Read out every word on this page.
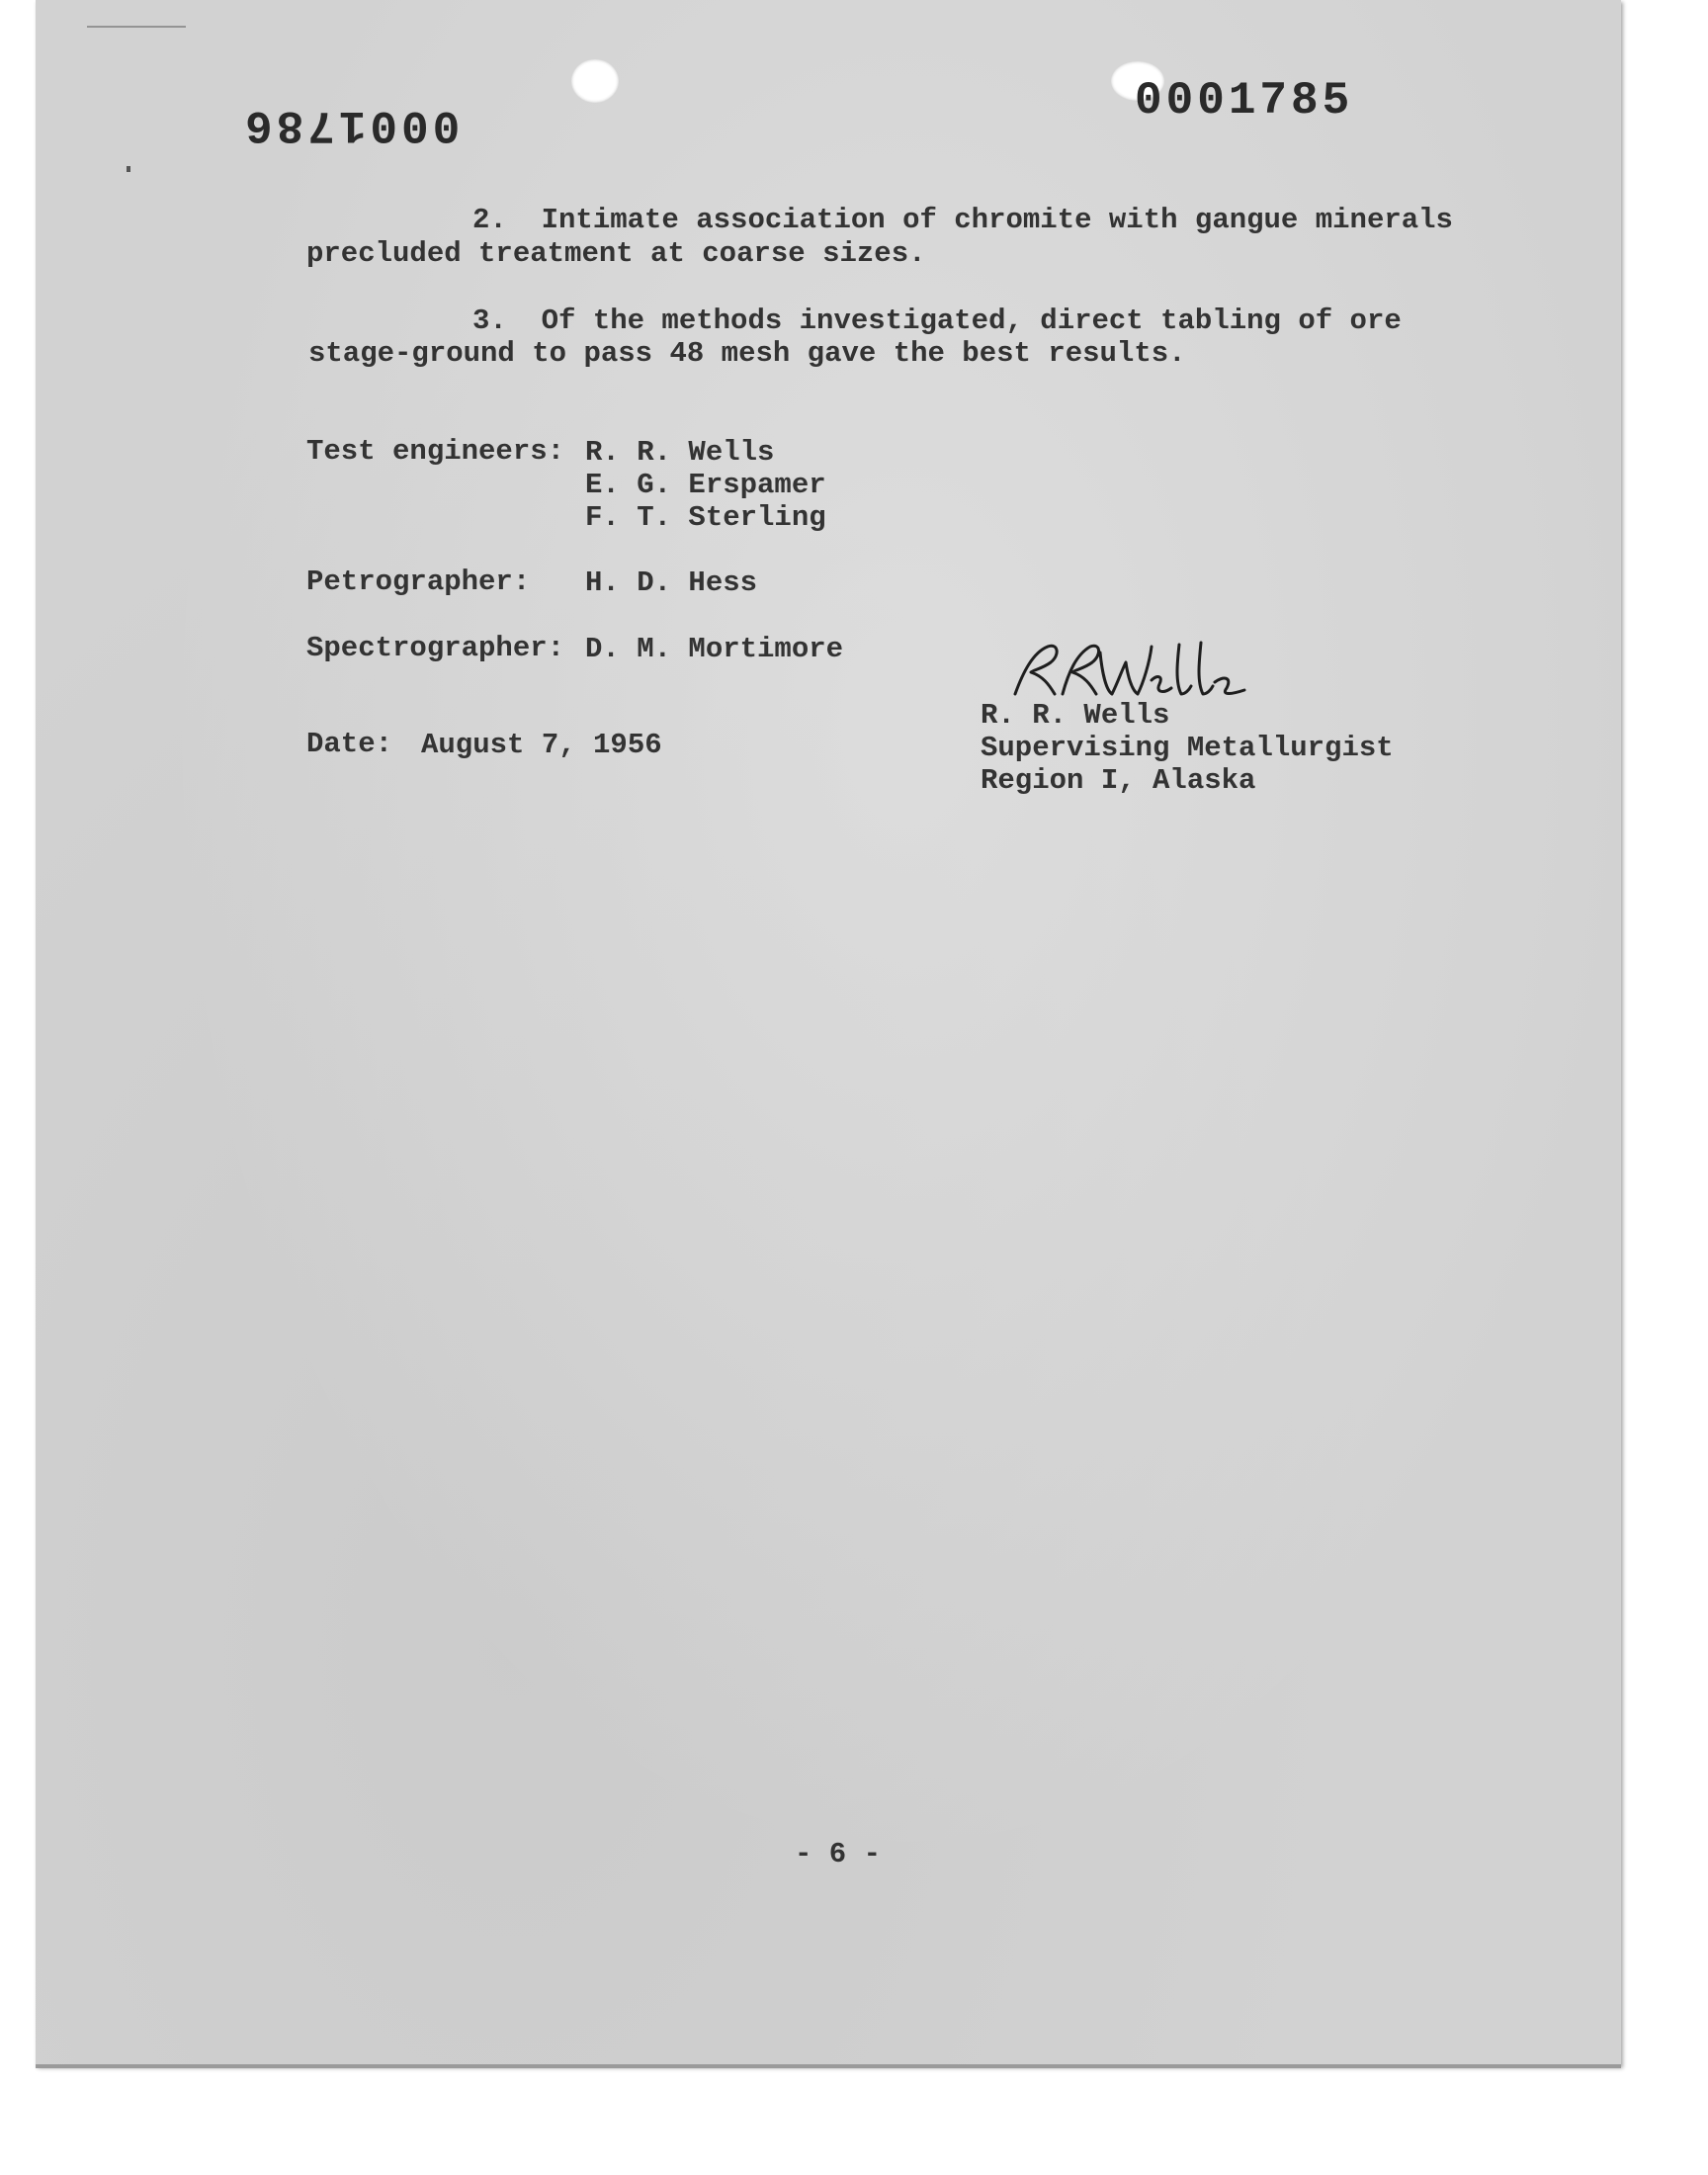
0001785
0001786
2.  Intimate association of chromite with gangue minerals
precluded treatment at coarse sizes.
3.  Of the methods investigated, direct tabling of ore
stage-ground to pass 48 mesh gave the best results.
Test engineers: R. R. Wells
E. G. Erspamer
F. T. Sterling
Petrographer: H. D. Hess
Spectrographer: D. M. Mortimore
Date: August 7, 1956
R. R. Wells
Supervising Metallurgist
Region I, Alaska
- 6 -
